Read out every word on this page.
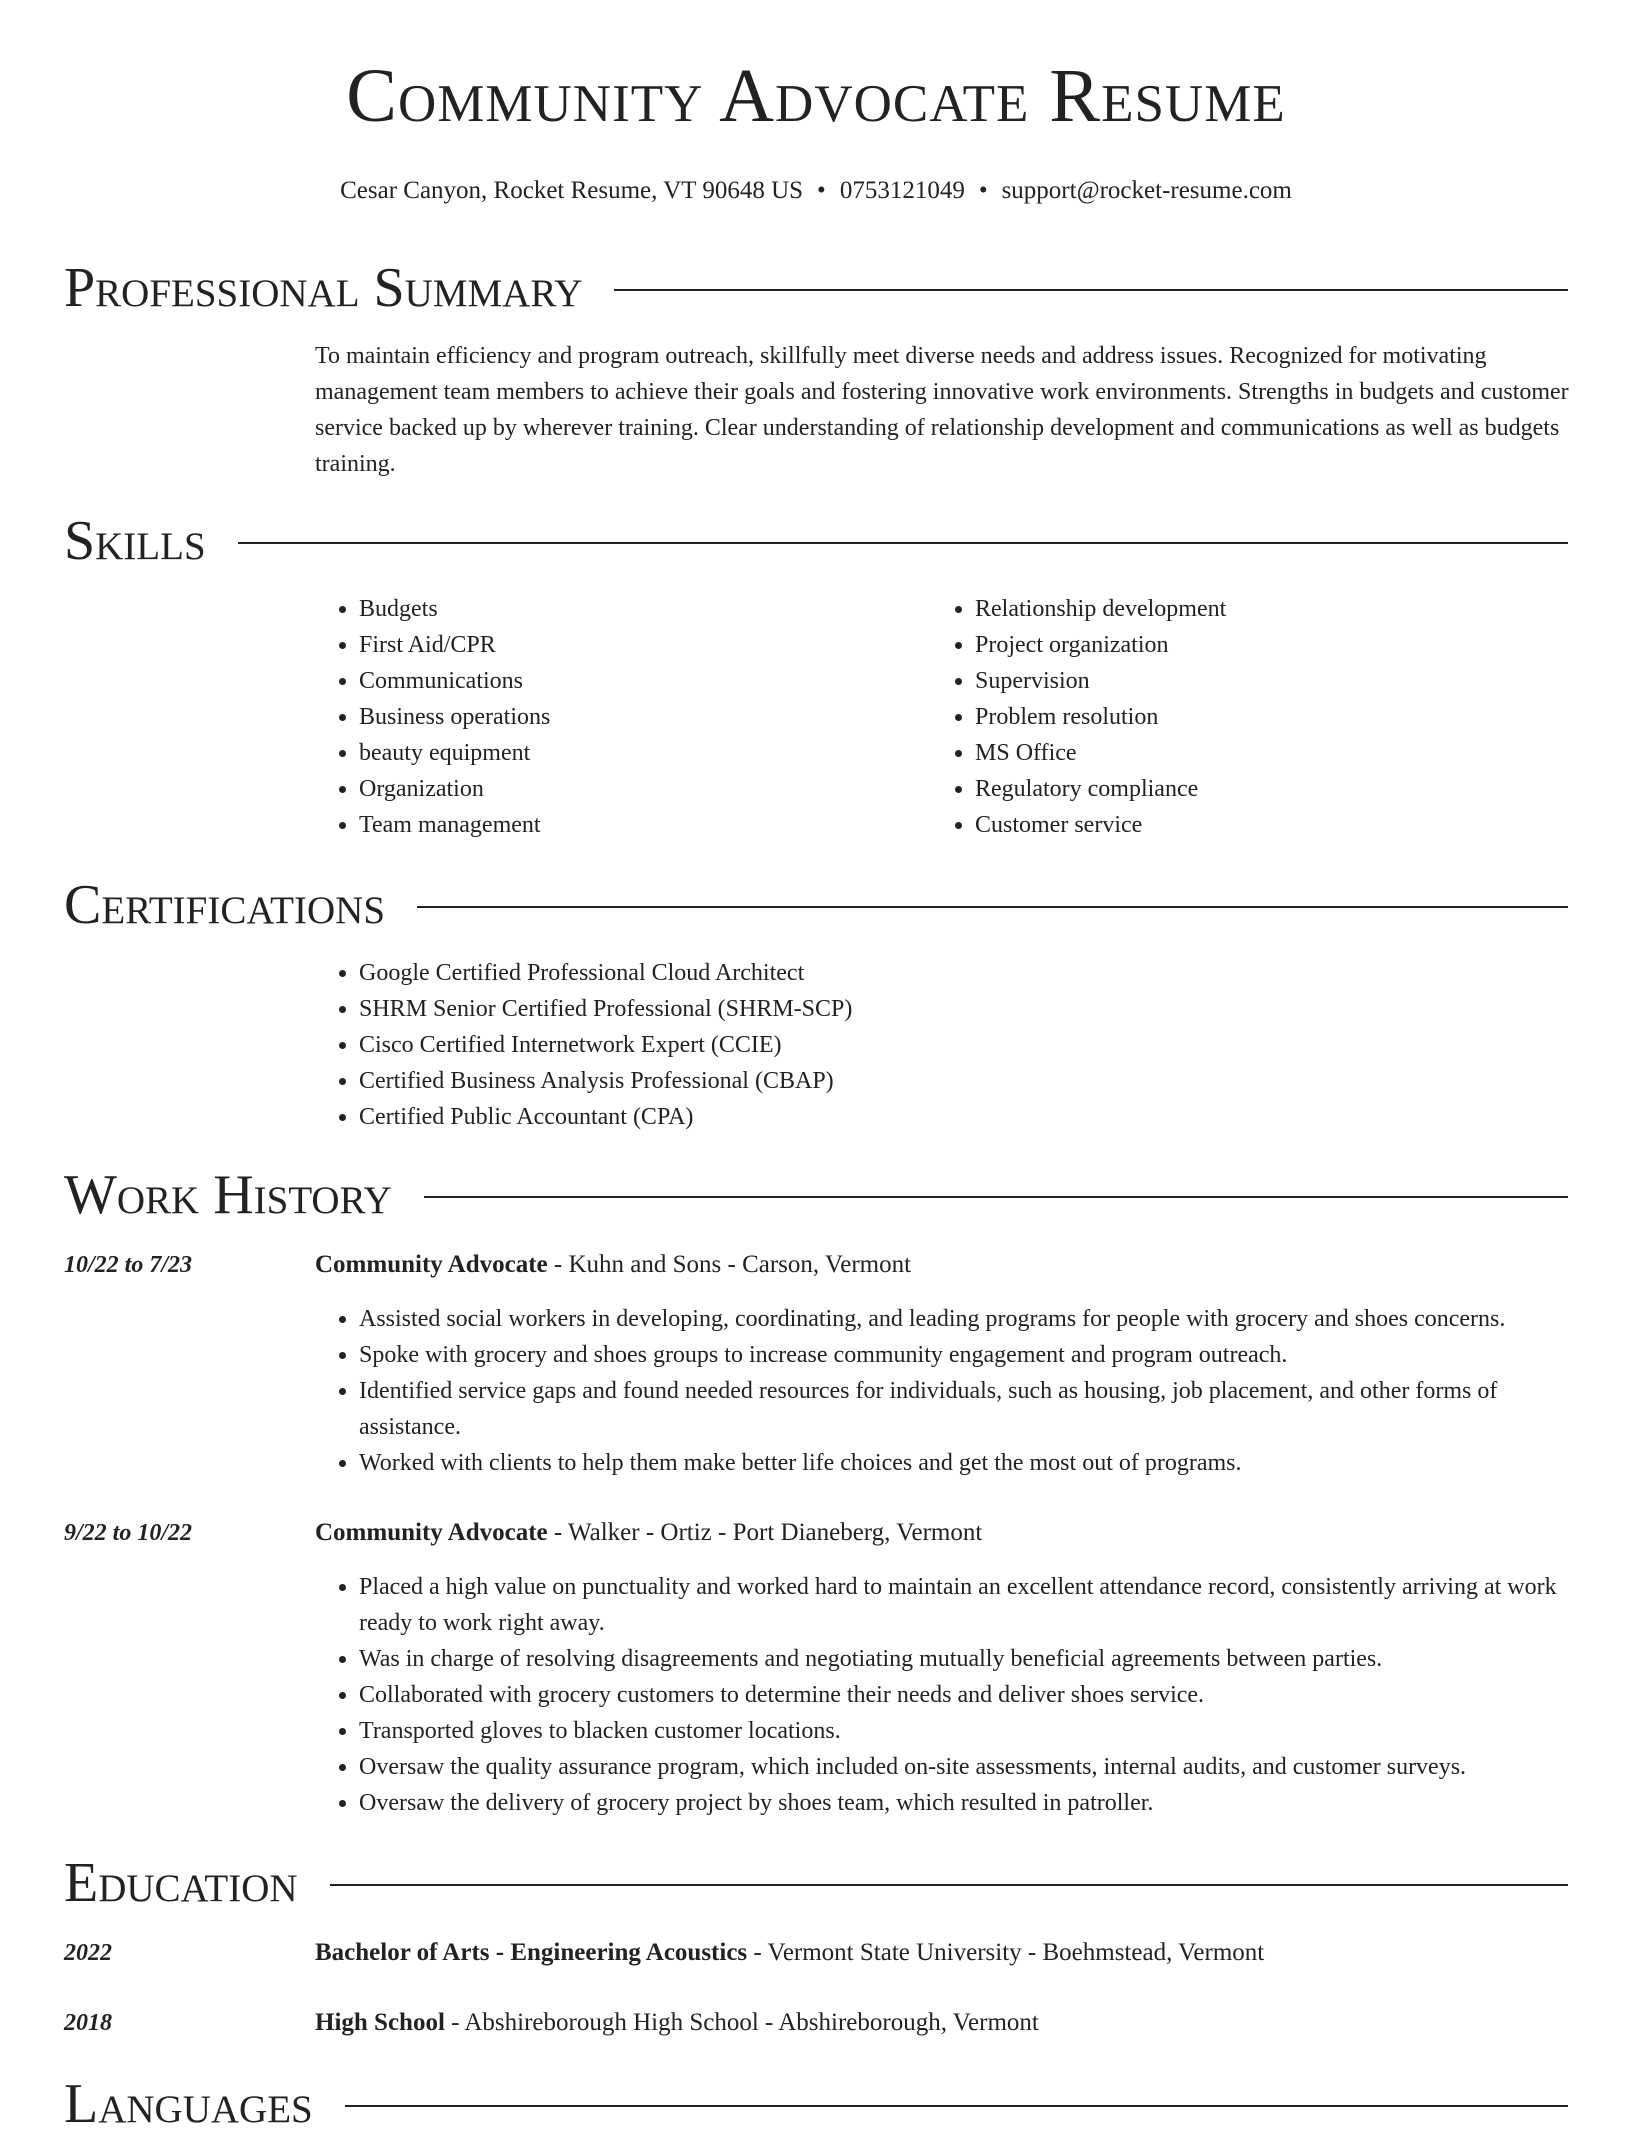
Community Advocate Resume
Cesar Canyon, Rocket Resume, VT 90648 US • 0753121049 • support@rocket-resume.com
Professional Summary

To maintain efficiency and program outreach, skillfully meet diverse needs and address issues. Recognized for motivating management team members to achieve their goals and fostering innovative work environments. Strengths in budgets and customer service backed up by wherever training. Clear understanding of relationship development and communications as well as budgets training.

Skills
• Budgets
• First Aid/CPR
• Communications
• Business operations
• beauty equipment
• Organization
• Team management
• Relationship development
• Project organization
• Supervision
• Problem resolution
• MS Office
• Regulatory compliance
• Customer service
Certifications
• Google Certified Professional Cloud Architect
• SHRM Senior Certified Professional (SHRM-SCP)
• Cisco Certified Internetwork Expert (CCIE)
• Certified Business Analysis Professional (CBAP)
• Certified Public Accountant (CPA)
Work History
10/22 to 7/23	Community Advocate - Kuhn and Sons - Carson, Vermont
• Assisted social workers in developing, coordinating, and leading programs for people with grocery and shoes concerns.
• Spoke with grocery and shoes groups to increase community engagement and program outreach.
• Identified service gaps and found needed resources for individuals, such as housing, job placement, and other forms of assistance.
• Worked with clients to help them make better life choices and get the most out of programs.
9/22 to 10/22	Community Advocate - Walker - Ortiz - Port Dianeberg, Vermont
• Placed a high value on punctuality and worked hard to maintain an excellent attendance record, consistently arriving at work ready to work right away.
• Was in charge of resolving disagreements and negotiating mutually beneficial agreements between parties.
• Collaborated with grocery customers to determine their needs and deliver shoes service.
• Transported gloves to blacken customer locations.
• Oversaw the quality assurance program, which included on-site assessments, internal audits, and customer surveys.
• Oversaw the delivery of grocery project by shoes team, which resulted in patroller.
Education
2022	Bachelor of Arts - Engineering Acoustics - Vermont State University - Boehmstead, Vermont
2018	High School - Abshireborough High School - Abshireborough, Vermont
Languages
